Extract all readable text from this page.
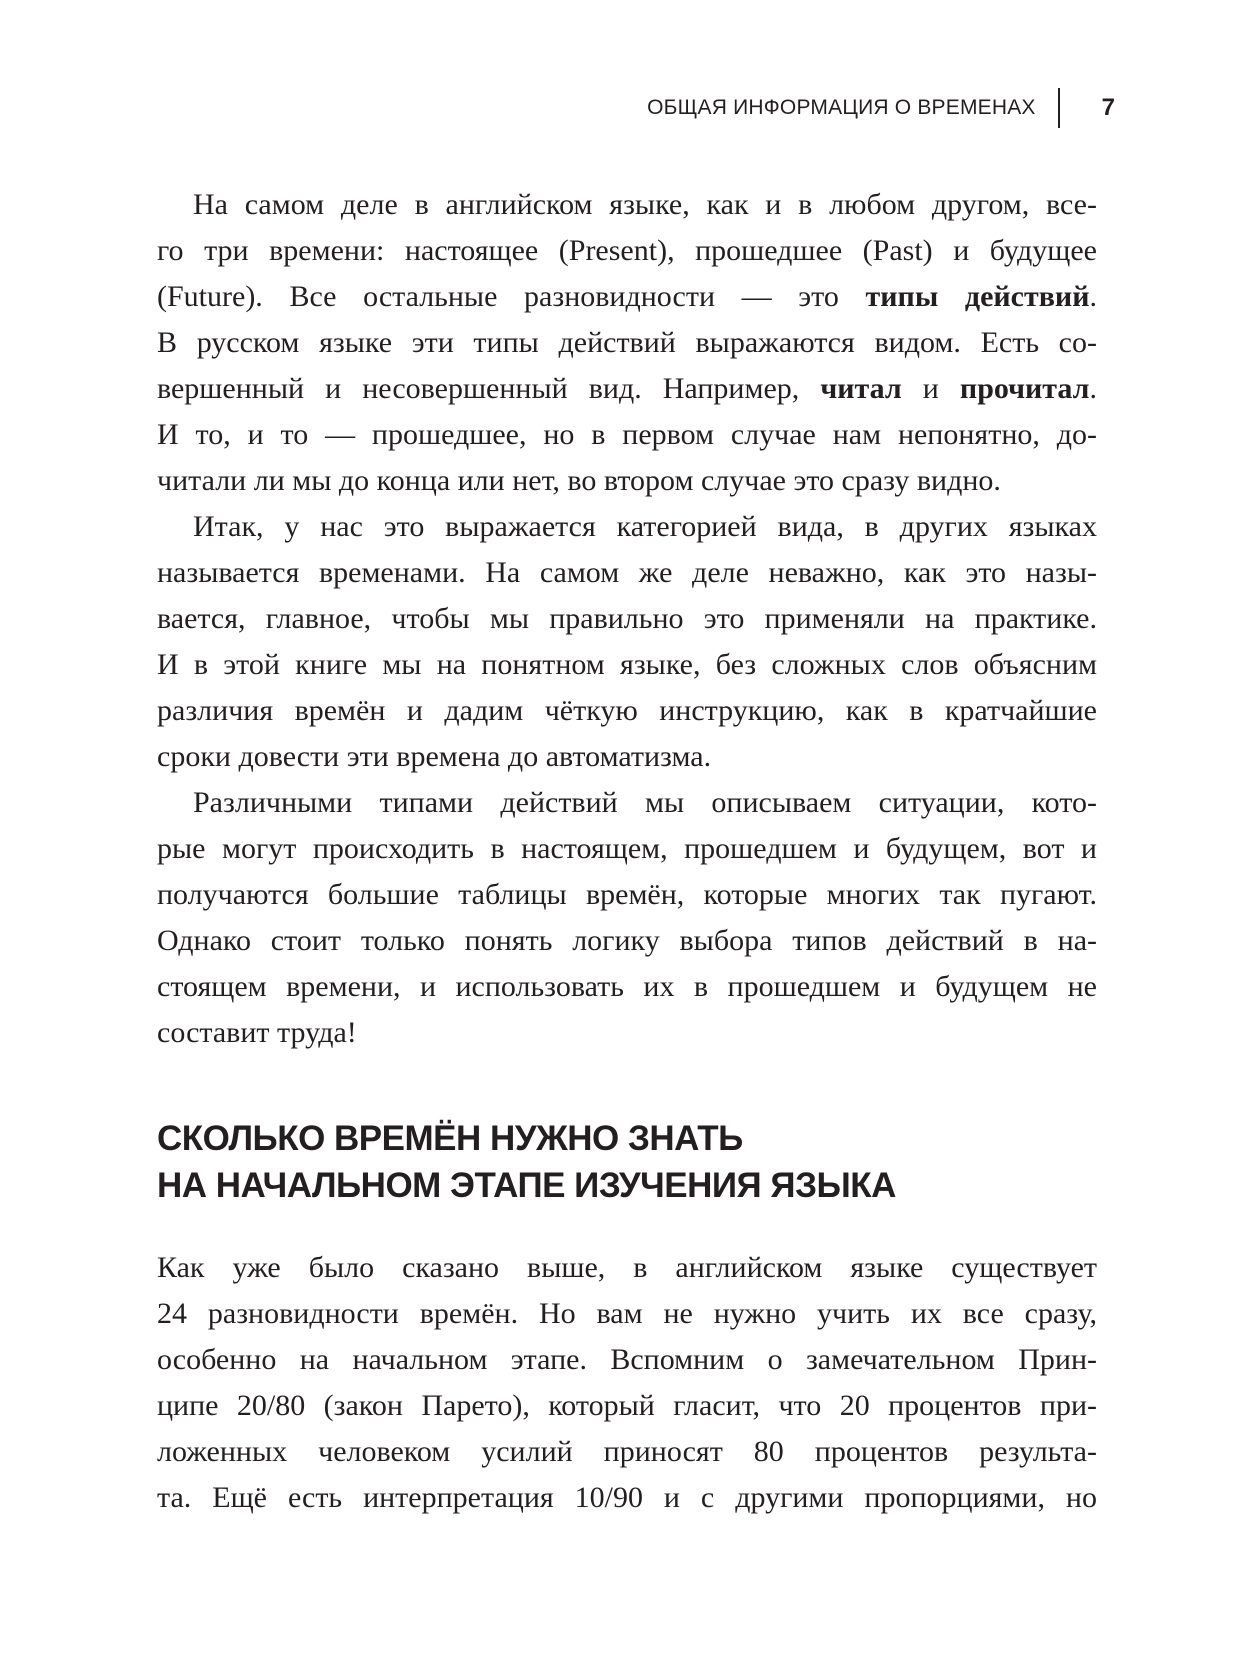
ОБЩАЯ ИНФОРМАЦИЯ О ВРЕМЕНАХ	7

На самом деле в английском языке, как и в любом другом, все-
го три времени: настоящее (Present), прошедшее (Past) и будущее
(Future). Все остальные разновидности — это типы действий.
В русском языке эти типы действий выражаются видом. Есть со-
вершенный и несовершенный вид. Например, читал и прочитал.
И то, и то — прошедшее, но в первом случае нам непонятно, до-
читали ли мы до конца или нет, во втором случае это сразу видно.

Итак, у нас это выражается категорией вида, в других языках
называется временами. На самом же деле неважно, как это назы-
вается, главное, чтобы мы правильно это применяли на практике.
И в этой книге мы на понятном языке, без сложных слов объясним
различия времён и дадим чёткую инструкцию, как в кратчайшие
сроки довести эти времена до автоматизма.

Различными типами действий мы описываем ситуации, кото-
рые могут происходить в настоящем, прошедшем и будущем, вот и
получаются большие таблицы времён, которые многих так пугают.
Однако стоит только понять логику выбора типов действий в на-
стоящем времени, и использовать их в прошедшем и будущем не
составит труда!

СКОЛЬКО ВРЕМЁН НУЖНО ЗНАТЬ
НА НАЧАЛЬНОМ ЭТАПЕ ИЗУЧЕНИЯ ЯЗЫКА

Как уже было сказано выше, в английском языке существует
24 разновидности времён. Но вам не нужно учить их все сразу,
особенно на начальном этапе. Вспомним о замечательном Прин-
ципе 20/80 (закон Парето), который гласит, что 20 процентов при-
ложенных человеком усилий приносят 80 процентов результа-
та. Ещё есть интерпретация 10/90 и с другими пропорциями, но
